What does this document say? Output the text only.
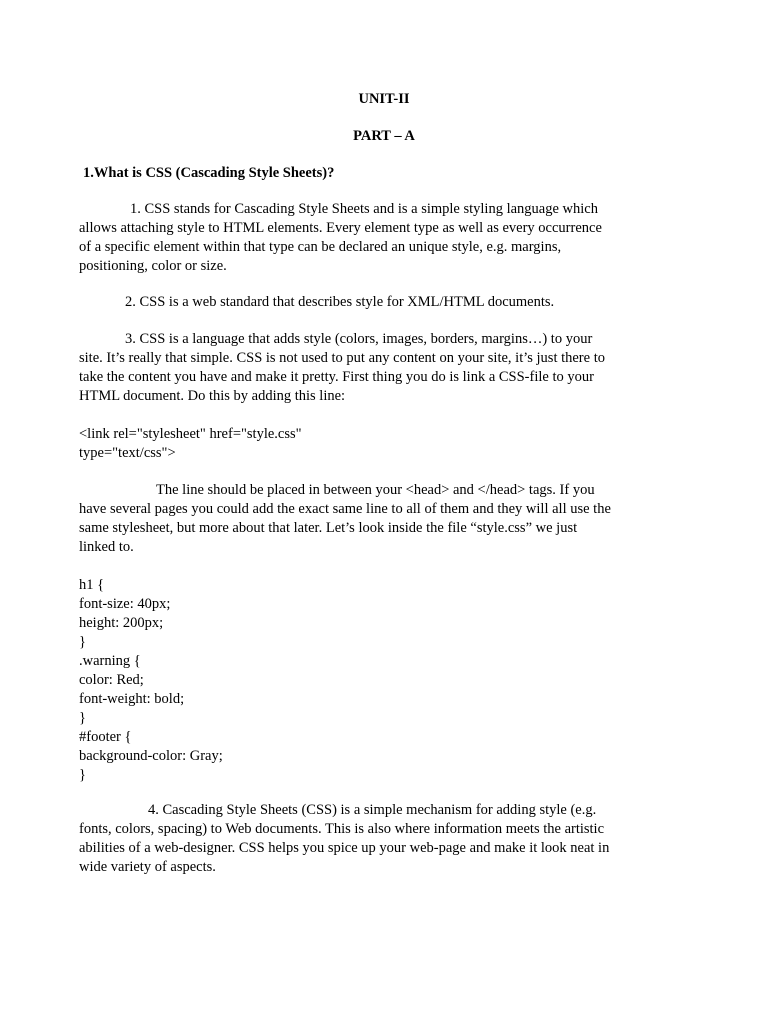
UNIT-II
PART – A
1.What is CSS (Cascading Style Sheets)?
1. CSS stands for Cascading Style Sheets and is a simple styling language which
allows attaching style to HTML elements. Every element type as well as every occurrence
of a specific element within that type can be declared an unique style, e.g. margins,
positioning, color or size.
2. CSS is a web standard that describes style for XML/HTML documents.
3. CSS is a language that adds style (colors, images, borders, margins…) to your
site. It’s really that simple. CSS is not used to put any content on your site, it’s just there to
take the content you have and make it pretty. First thing you do is link a CSS-file to your
HTML document. Do this by adding this line:
<link rel="stylesheet" href="style.css"
type="text/css">
The line should be placed in between your <head> and </head> tags. If you
have several pages you could add the exact same line to all of them and they will all use the
same stylesheet, but more about that later. Let’s look inside the file “style.css” we just
linked to.
h1 {
font-size: 40px;
height: 200px;
}
.warning {
color: Red;
font-weight: bold;
}
#footer {
background-color: Gray;
}
4. Cascading Style Sheets (CSS) is a simple mechanism for adding style (e.g.
fonts, colors, spacing) to Web documents. This is also where information meets the artistic
abilities of a web-designer. CSS helps you spice up your web-page and make it look neat in
wide variety of aspects.
